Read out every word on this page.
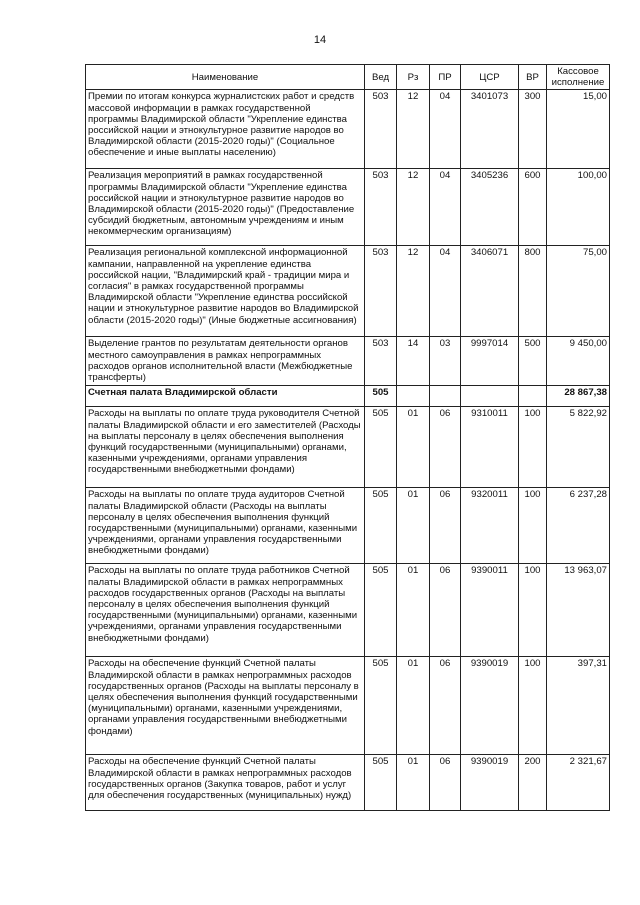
14
Наименование	Вед	Рз	ПР	ЦСР	ВР	Кассовое исполнение
Премии по итогам конкурса журналистских работ и средств массовой информации в рамках государственной программы Владимирской области "Укрепление единства российской нации и этнокультурное развитие народов во Владимирской области (2015-2020 годы)" (Социальное обеспечение и иные выплаты населению)	503	12	04	3401073	300	15,00
Реализация мероприятий в рамках государственной программы Владимирской области "Укрепление единства российской нации и этнокультурное развитие народов во Владимирской области (2015-2020 годы)" (Предоставление субсидий бюджетным, автономным учреждениям и иным некоммерческим организациям)	503	12	04	3405236	600	100,00
Реализация региональной комплексной информационной кампании, направленной на укрепление единства российской нации, "Владимирский край - традиции мира и согласия" в рамках государственной программы Владимирской области "Укрепление единства российской нации и этнокультурное развитие народов во Владимирской области (2015-2020 годы)" (Иные бюджетные ассигнования)	503	12	04	3406071	800	75,00
Выделение грантов по результатам деятельности органов местного самоуправления в рамках непрограммных расходов органов исполнительной власти (Межбюджетные трансферты)	503	14	03	9997014	500	9 450,00
Счетная палата Владимирской области	505					28 867,38
Расходы на выплаты по оплате труда руководителя Счетной палаты Владимирской области и его заместителей (Расходы на выплаты персоналу в целях обеспечения выполнения функций государственными (муниципальными) органами, казенными учреждениями, органами управления государственными внебюджетными фондами)	505	01	06	9310011	100	5 822,92
Расходы на выплаты по оплате труда аудиторов Счетной палаты Владимирской области (Расходы на выплаты персоналу в целях обеспечения выполнения функций государственными (муниципальными) органами, казенными учреждениями, органами управления государственными внебюджетными фондами)	505	01	06	9320011	100	6 237,28
Расходы на выплаты по оплате труда работников Счетной палаты Владимирской области в рамках непрограммных расходов государственных органов (Расходы на выплаты персоналу в целях обеспечения выполнения функций государственными (муниципальными) органами, казенными учреждениями, органами управления государственными внебюджетными фондами)	505	01	06	9390011	100	13 963,07
Расходы на обеспечение функций Счетной палаты Владимирской области в рамках непрограммных расходов государственных органов (Расходы на выплаты персоналу в целях обеспечения выполнения функций государственными (муниципальными) органами, казенными учреждениями, органами управления государственными внебюджетными фондами)	505	01	06	9390019	100	397,31
Расходы на обеспечение функций Счетной палаты Владимирской области в рамках непрограммных расходов государственных органов (Закупка товаров, работ и услуг для обеспечения государственных (муниципальных) нужд)	505	01	06	9390019	200	2 321,67
